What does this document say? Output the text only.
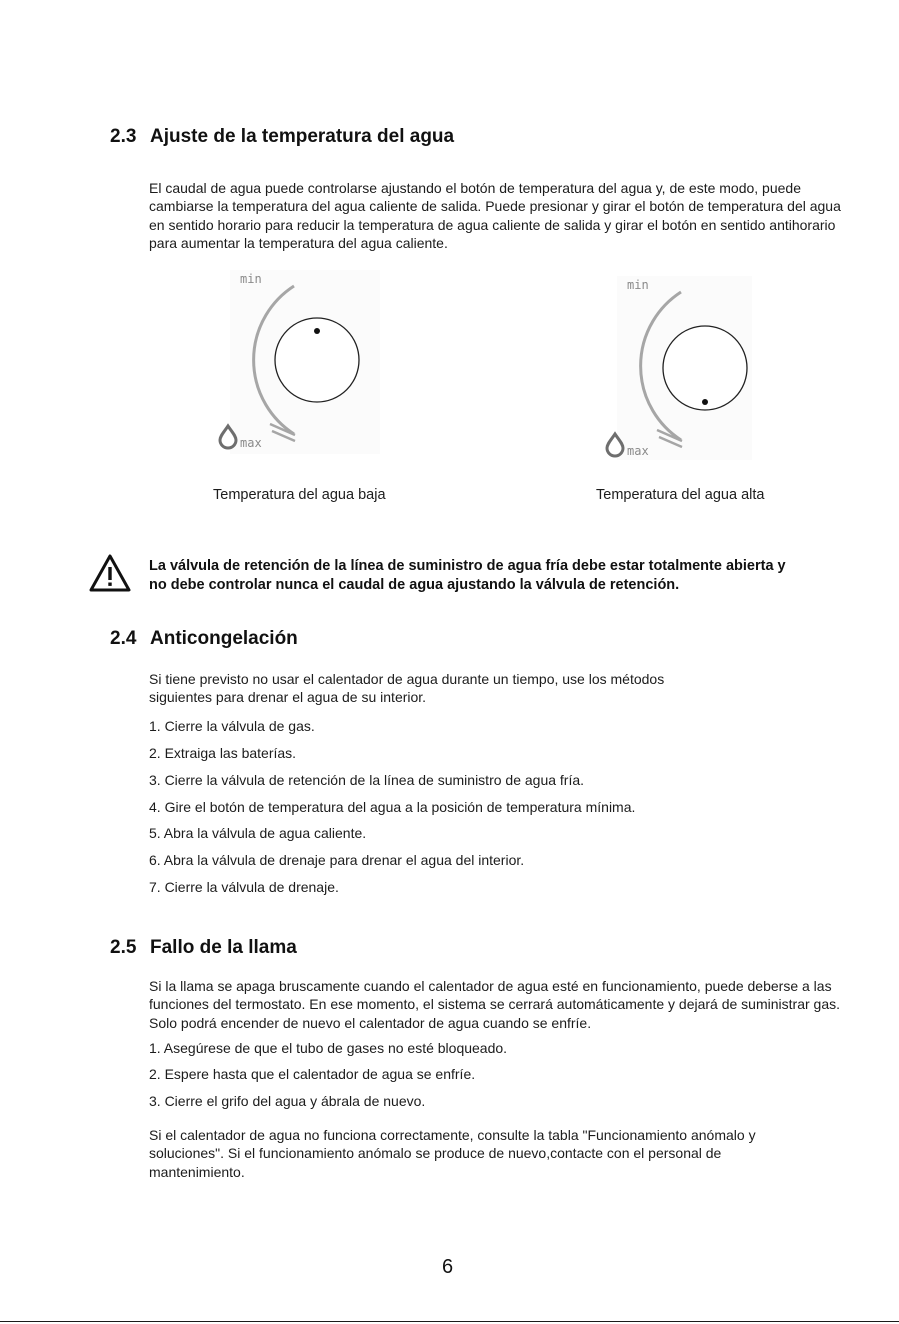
2.3 Ajuste de la temperatura del agua
El caudal de agua puede controlarse ajustando el botón de temperatura del agua y, de este modo, puede cambiarse la temperatura del agua caliente de salida. Puede presionar y girar el botón de temperatura del agua en sentido horario para reducir la temperatura de agua caliente de salida y girar el botón en sentido antihorario para aumentar la temperatura del agua caliente.
min
max
Temperatura del agua baja
min
max
Temperatura del agua alta
La válvula de retención de la línea de suministro de agua fría debe estar totalmente abierta y
no debe controlar nunca el caudal de agua ajustando la válvula de retención.
2.4 Anticongelación
Si tiene previsto no usar el calentador de agua durante un tiempo, use los métodos
siguientes para drenar el agua de su interior.
1. Cierre la válvula de gas.
2. Extraiga las baterías.
3. Cierre la válvula de retención de la línea de suministro de agua fría.
4. Gire el botón de temperatura del agua a la posición de temperatura mínima.
5. Abra la válvula de agua caliente.
6. Abra la válvula de drenaje para drenar el agua del interior.
7. Cierre la válvula de drenaje.
2.5 Fallo de la llama
Si la llama se apaga bruscamente cuando el calentador de agua esté en funcionamiento, puede deberse a las funciones del termostato. En ese momento, el sistema se cerrará automáticamente y dejará de suministrar gas. Solo podrá encender de nuevo el calentador de agua cuando se enfríe.
1. Asegúrese de que el tubo de gases no esté bloqueado.
2. Espere hasta que el calentador de agua se enfríe.
3. Cierre el grifo del agua y ábrala de nuevo.
Si el calentador de agua no funciona correctamente, consulte la tabla "Funcionamiento anómalo y soluciones". Si el funcionamiento anómalo se produce de nuevo,contacte con el personal de mantenimiento.
6
